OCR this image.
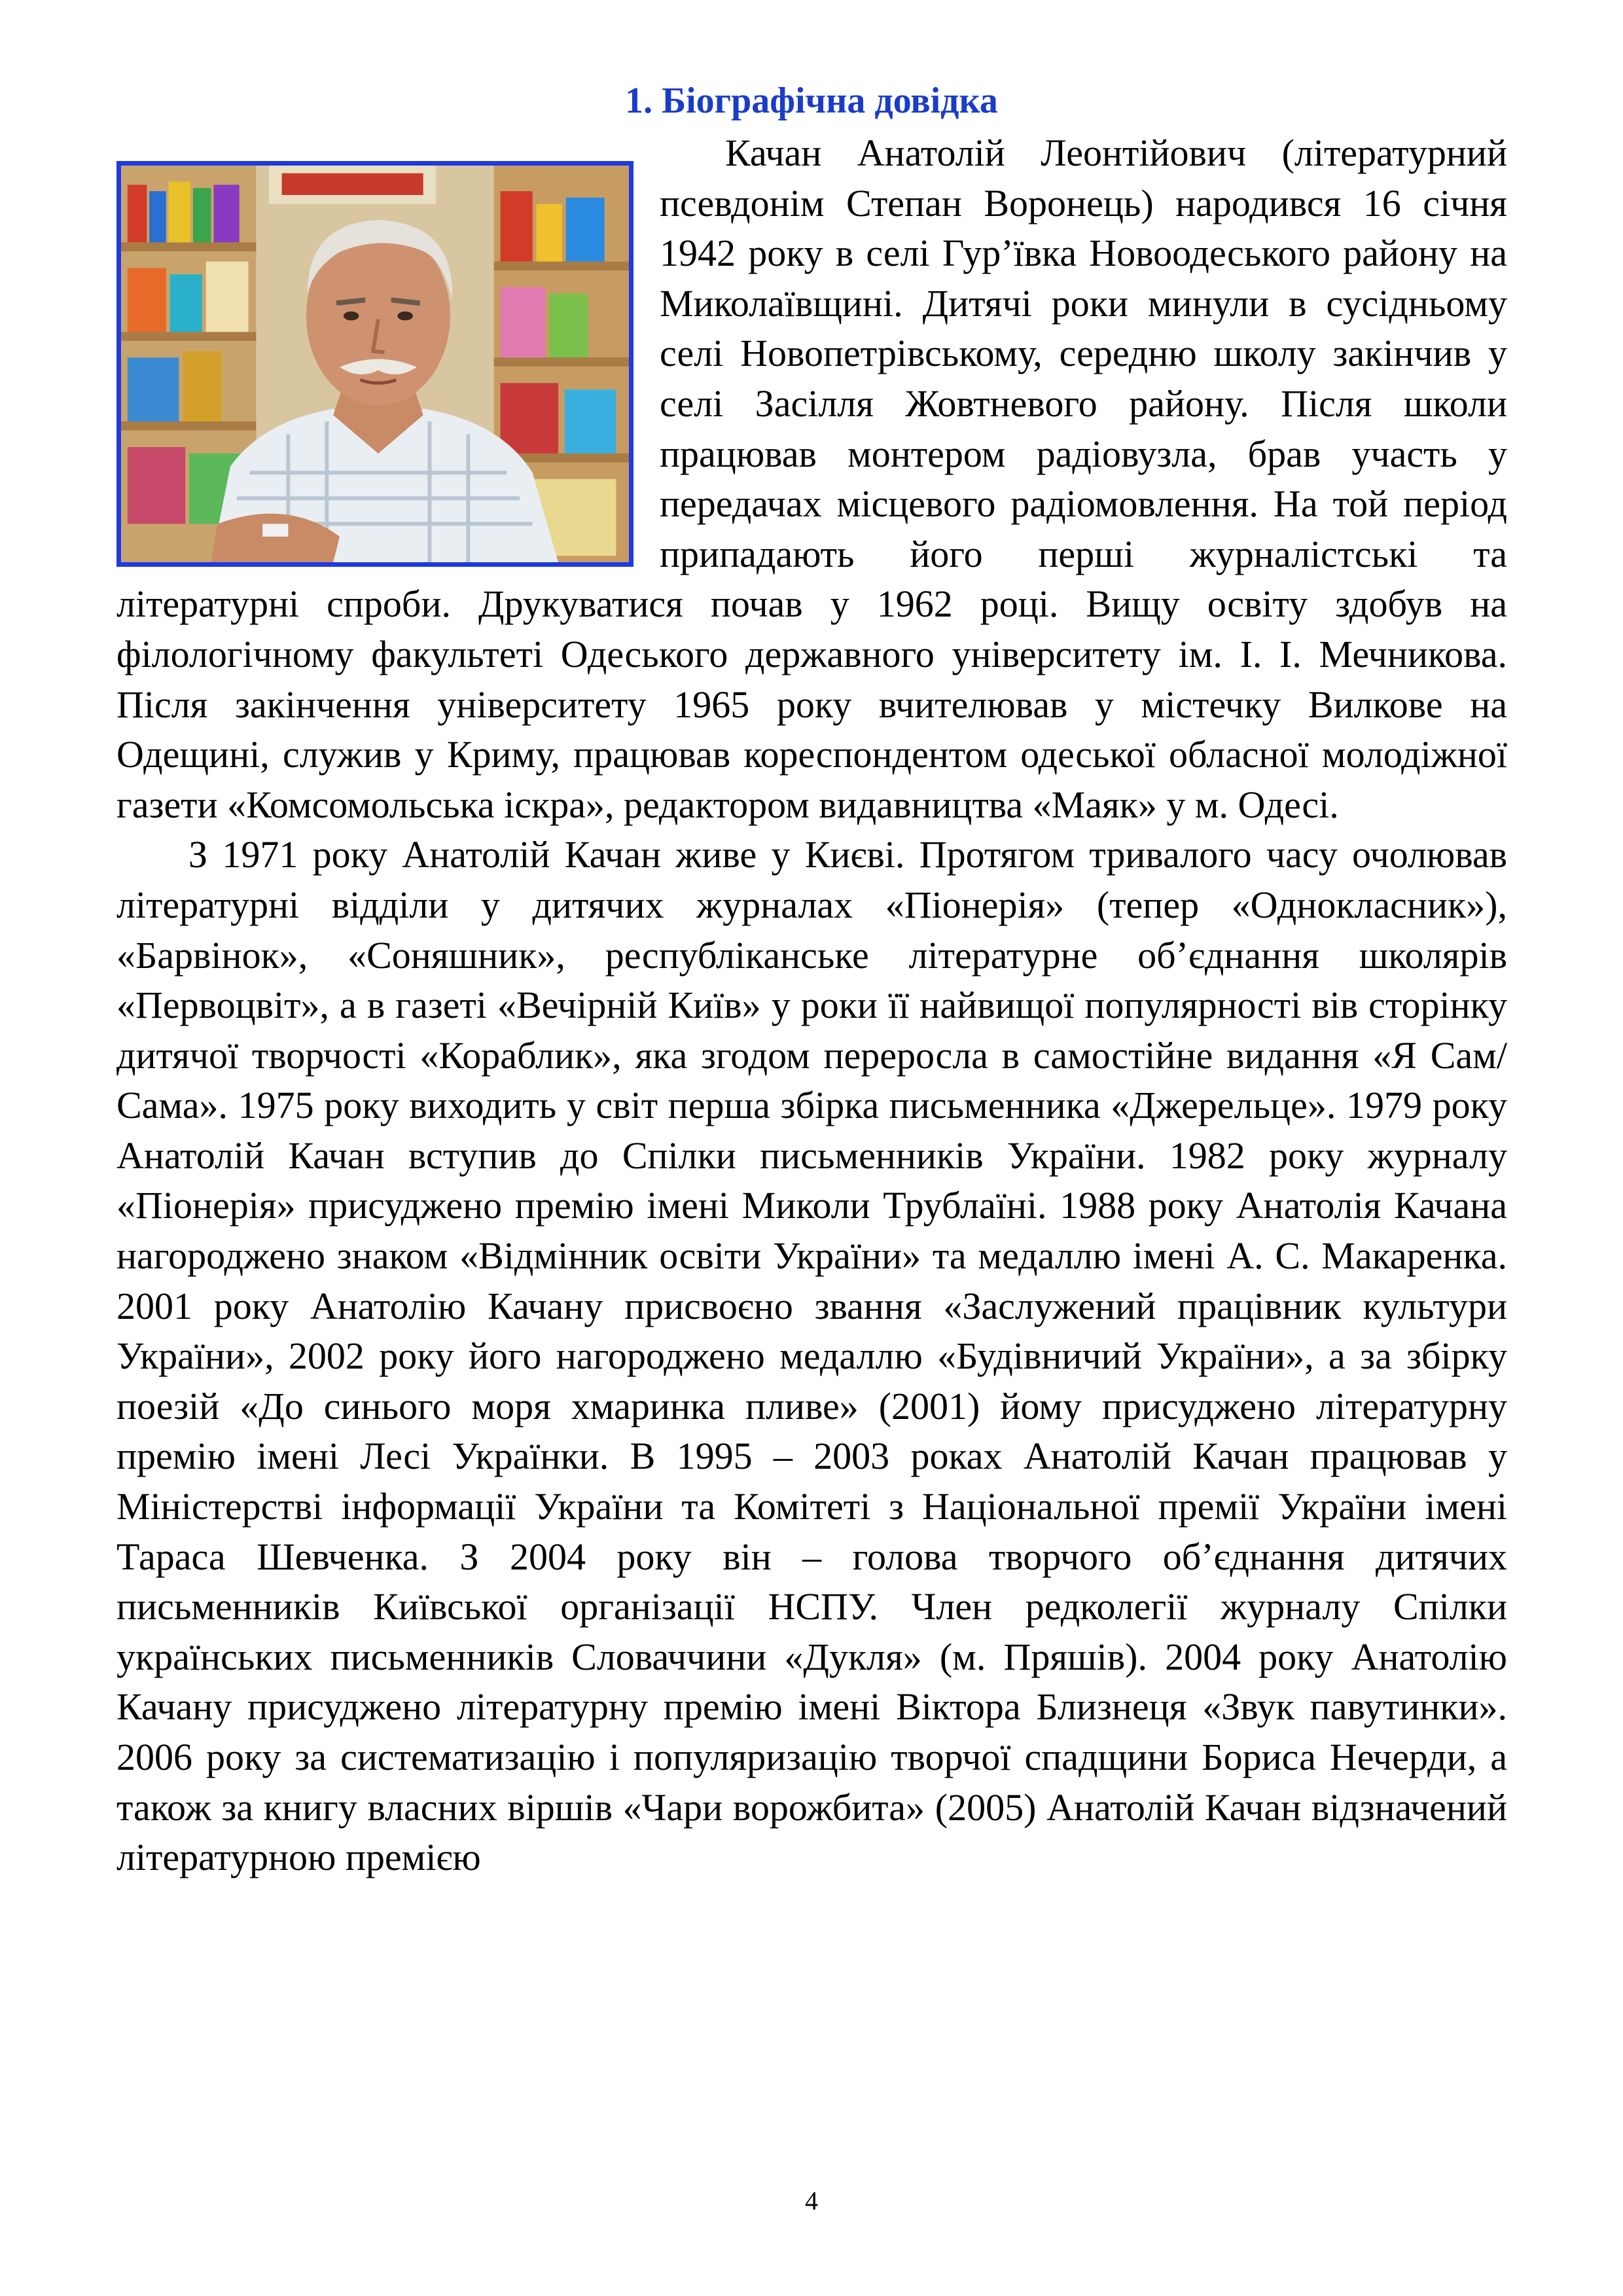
1. Біографічна довідка

Качан Анатолій Леонтійович (літературний псевдонім Степан Воронець) народився 16 січня 1942 року в селі Гур’ївка Новоодеського району на Миколаївщині. Дитячі роки минули в сусідньому селі Новопетрівському, середню школу закінчив у селі Засілля Жовтневого району. Після школи працював монтером радіовузла, брав участь у передачах місцевого радіомовлення. На той період припадають його перші журналістські та літературні спроби. Друкуватися почав у 1962 році. Вищу освіту здобув на філологічному факультеті Одеського державного університету ім. І. І. Мечникова. Після закінчення університету 1965 року вчителював у містечку Вилкове на Одещині, служив у Криму, працював кореспондентом одеської обласної молодіжної газети «Комсомольська іскра», редактором видавництва «Маяк» у м. Одесі.

З 1971 року Анатолій Качан живе у Києві. Протягом тривалого часу очолював літературні відділи у дитячих журналах «Піонерія» (тепер «Однокласник»), «Барвінок», «Соняшник», республіканське літературне об’єднання школярів «Первоцвіт», а в газеті «Вечірній Київ» у роки її найвищої популярності вів сторінку дитячої творчості «Кораблик», яка згодом переросла в самостійне видання «Я Сам/Сама». 1975 року виходить у світ перша збірка письменника «Джерельце». 1979 року Анатолій Качан вступив до Спілки письменників України. 1982 року журналу «Піонерія» присуджено премію імені Миколи Трублаїні. 1988 року Анатолія Качана нагороджено знаком «Відмінник освіти України» та медаллю імені А. С. Макаренка. 2001 року Анатолію Качану присвоєно звання «Заслужений працівник культури України», 2002 року його нагороджено медаллю «Будівничий України», а за збірку поезій «До синього моря хмаринка пливе» (2001) йому присуджено літературну премію імені Лесі Українки. В 1995 – 2003 роках Анатолій Качан працював у Міністерстві інформації України та Комітеті з Національної премії України імені Тараса Шевченка. З 2004 року він – голова творчого об’єднання дитячих письменників Київської організації НСПУ. Член редколегії журналу Спілки українських письменників Словаччини «Дукля» (м. Пряшів). 2004 року Анатолію Качану присуджено літературну премію імені Віктора Близнеця «Звук павутинки». 2006 року за систематизацію і популяризацію творчої спадщини Бориса Нечерди, а також за книгу власних віршів «Чари ворожбита» (2005) Анатолій Качан відзначений літературною премією

4
